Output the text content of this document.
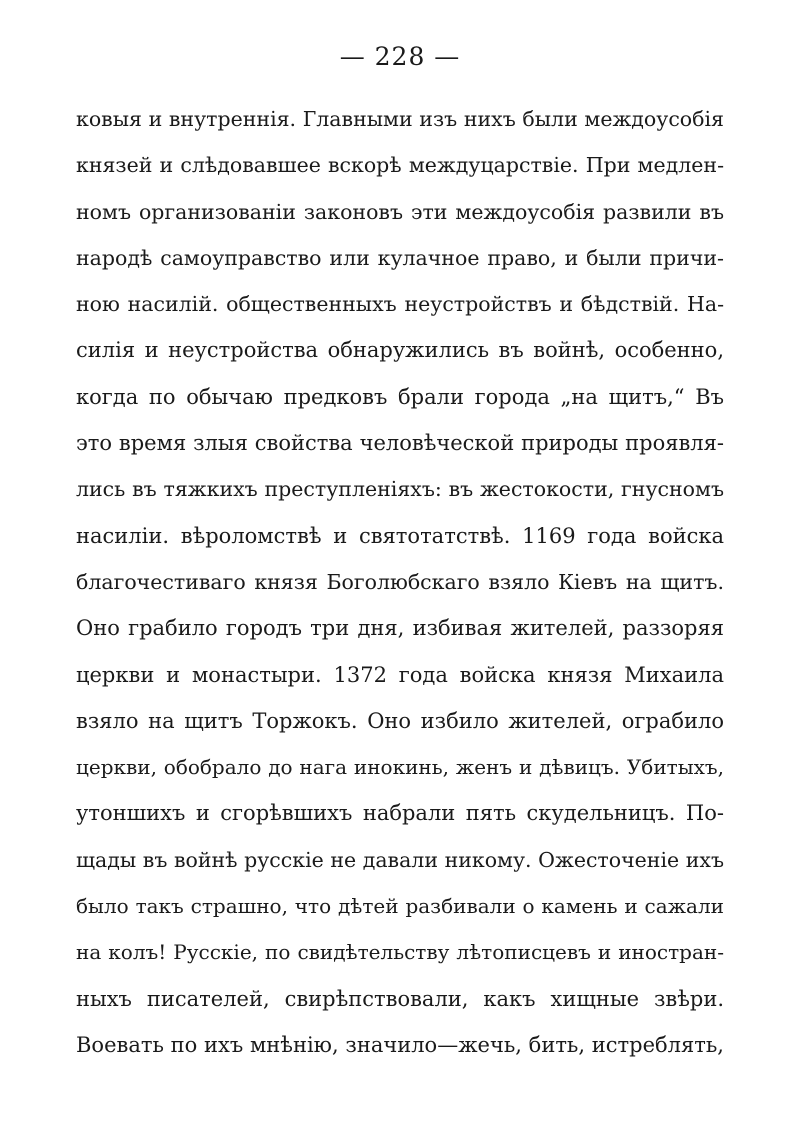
— 228 —
ковыя и внутреннія. Главными изъ нихъ были междоусобія
князей и слѣдовавшее вскорѣ междуцарствіе. При медлен-
номъ организованіи законовъ эти междоусобія развили въ
народѣ самоуправство или кулачное право, и были причи-
ною насилій. общественныхъ неустройствъ и бѣдствій. На-
силія и неустройства обнаружились въ войнѣ, особенно,
когда по обычаю предковъ брали города „на щитъ,“ Въ
это время злыя свойства человѣческой природы проявля-
лись въ тяжкихъ преступленіяхъ: въ жестокости, гнусномъ
насиліи. вѣроломствѣ и святотатствѣ. 1169 года войска
благочестиваго князя Боголюбскаго взяло Кіевъ на щитъ.
Оно грабило городъ три дня, избивая жителей, раззоряя
церкви и монастыри. 1372 года войска князя Михаила
взяло на щитъ Торжокъ. Оно избило жителей, ограбило
церкви, обобрало до нага инокинь, женъ и дѣвицъ. Убитыхъ,
утоншихъ и сгорѣвшихъ набрали пять скудельницъ. По-
щады въ войнѣ русскіе не давали никому. Ожесточеніе ихъ
было такъ страшно, что дѣтей разбивали о камень и сажали
на колъ! Русскіе, по свидѣтельству лѣтописцевъ и иностран-
ныхъ писателей, свирѣпствовали, какъ хищные звѣри.
Воевать по ихъ мнѣнію, значило—жечь, бить, истреблять,
